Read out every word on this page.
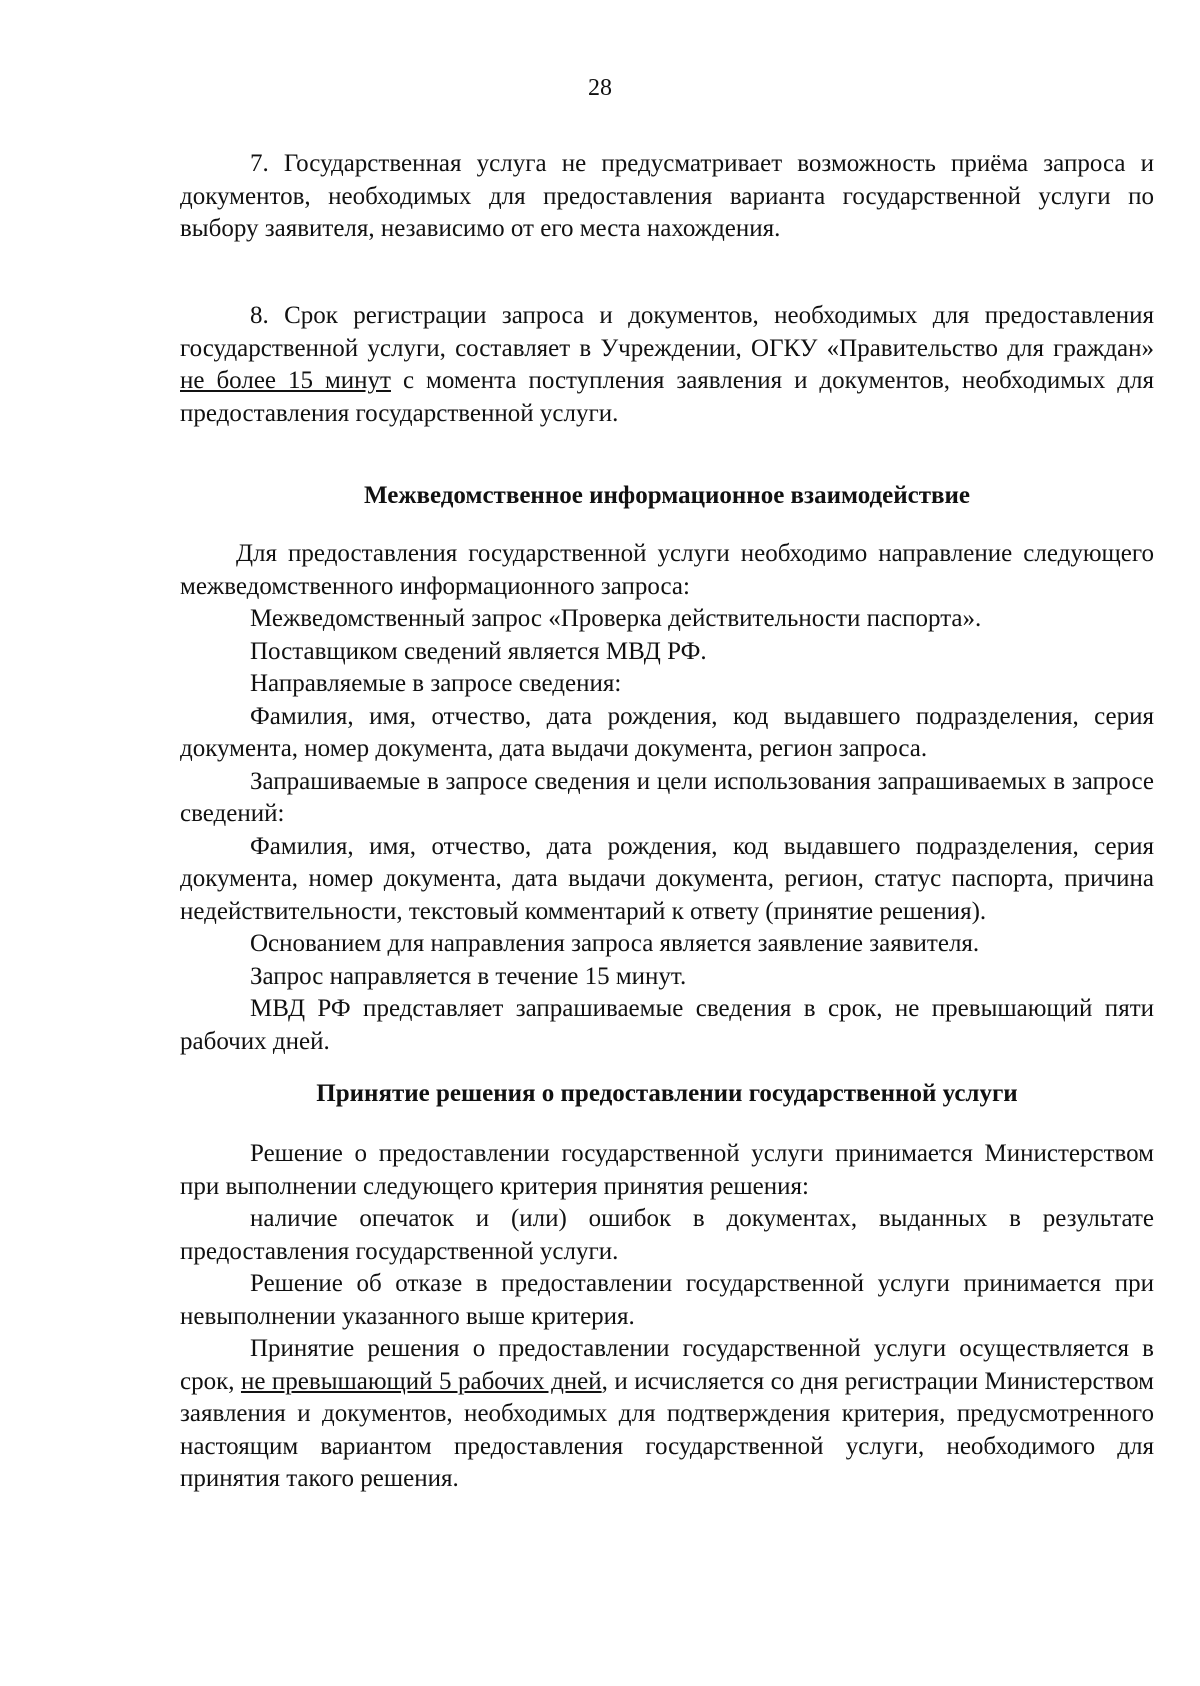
28

7. Государственная услуга не предусматривает возможность приёма запроса и документов, необходимых для предоставления варианта государственной услуги по выбору заявителя, независимо от его места нахождения.

8. Срок регистрации запроса и документов, необходимых для предоставления государственной услуги, составляет в Учреждении, ОГКУ «Правительство для граждан» не более 15 минут с момента поступления заявления и документов, необходимых для предоставления государственной услуги.

Межведомственное информационное взаимодействие

Для предоставления государственной услуги необходимо направление следующего межведомственного информационного запроса:

Межведомственный запрос «Проверка действительности паспорта».

Поставщиком сведений является МВД РФ.

Направляемые в запросе сведения:

Фамилия, имя, отчество, дата рождения, код выдавшего подразделения, серия документа, номер документа, дата выдачи документа, регион запроса.

Запрашиваемые в запросе сведения и цели использования запрашиваемых в запросе сведений:

Фамилия, имя, отчество, дата рождения, код выдавшего подразделения, серия документа, номер документа, дата выдачи документа, регион, статус паспорта, причина недействительности, текстовый комментарий к ответу (принятие решения).

Основанием для направления запроса является заявление заявителя.

Запрос направляется в течение 15 минут.

МВД РФ представляет запрашиваемые сведения в срок, не превышающий пяти рабочих дней.

Принятие решения о предоставлении государственной услуги

Решение о предоставлении государственной услуги принимается Министерством при выполнении следующего критерия принятия решения:

наличие опечаток и (или) ошибок в документах, выданных в результате предоставления государственной услуги.

Решение об отказе в предоставлении государственной услуги принимается при невыполнении указанного выше критерия.

Принятие решения о предоставлении государственной услуги осуществляется в срок, не превышающий 5 рабочих дней, и исчисляется со дня регистрации Министерством заявления и документов, необходимых для подтверждения критерия, предусмотренного настоящим вариантом предоставления государственной услуги, необходимого для принятия такого решения.
